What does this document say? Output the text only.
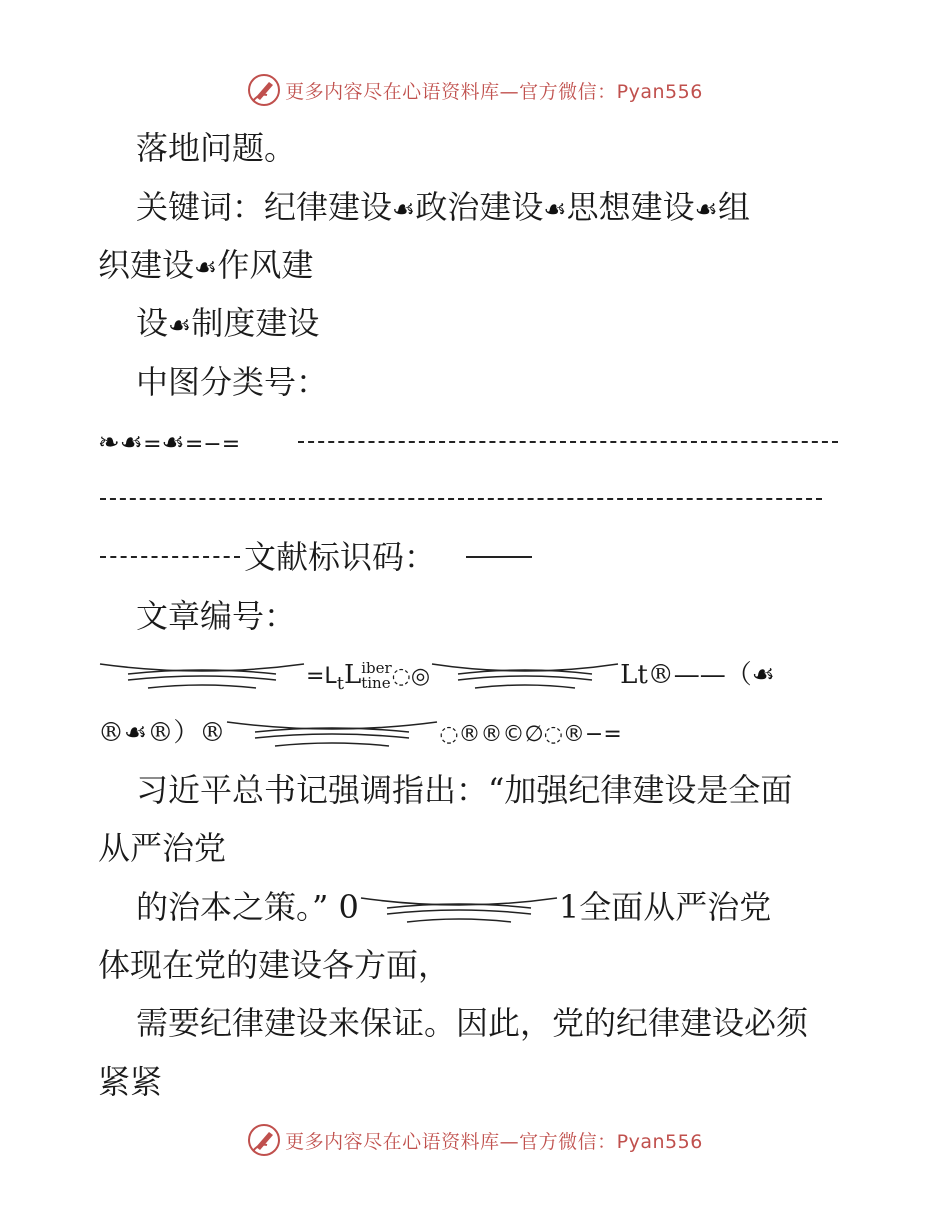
更多内容尽在心语资料库—官方微信：Pyan556
落地问题。
关键词：纪律建设☙政治建设☙思想建设☙组
织建设☙作风建
设☙制度建设
中图分类号：
❧☙=☙=−=
文献标识码：
文章编号：
$=L_tL$ iber
tine ◌◎	Lt®——（☙
®☙®）®	◌®®©∅◌®−=
习近平总书记强调指出：“加强纪律建设是全面
从严治党
的治本之策。” 0	1全面从严治党
体现在党的建设各方面，
需要纪律建设来保证。因此，党的纪律建设必须
紧紧
更多内容尽在心语资料库—官方微信：Pyan556
